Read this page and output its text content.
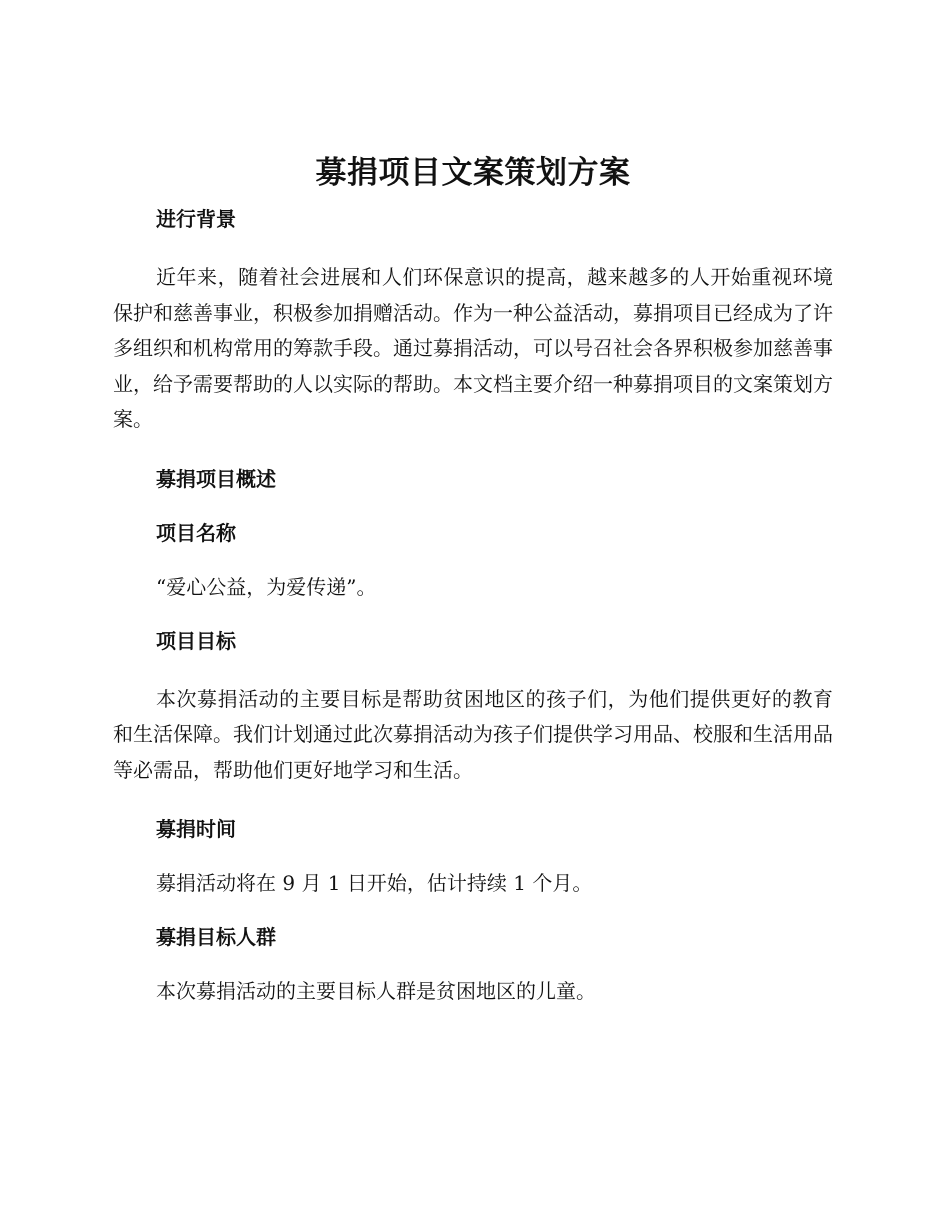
募捐项目文案策划方案
进行背景

近年来，随着社会进展和人们环保意识的提高，越来越多的人开始重视环境保护和慈善事业，积极参加捐赠活动。作为一种公益活动，募捐项目已经成为了许多组织和机构常用的筹款手段。通过募捐活动，可以号召社会各界积极参加慈善事业，给予需要帮助的人以实际的帮助。本文档主要介绍一种募捐项目的文案策划方案。

募捐项目概述
项目名称

“爱心公益，为爱传递”。

项目目标

本次募捐活动的主要目标是帮助贫困地区的孩子们，为他们提供更好的教育和生活保障。我们计划通过此次募捐活动为孩子们提供学习用品、校服和生活用品等必需品，帮助他们更好地学习和生活。

募捐时间

募捐活动将在 9 月 1 日开始，估计持续 1 个月。

募捐目标人群

本次募捐活动的主要目标人群是贫困地区的儿童。
